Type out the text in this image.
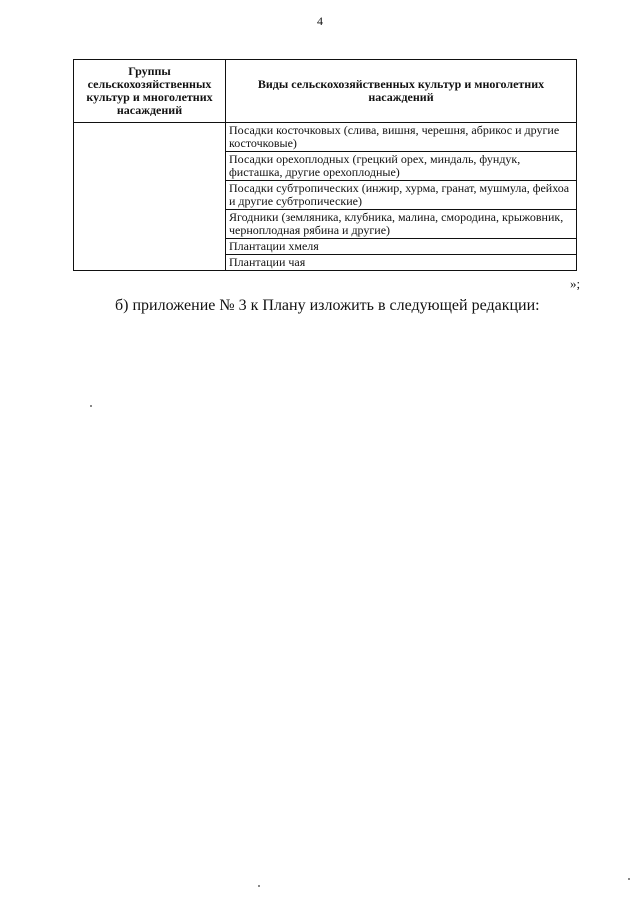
4
Группы сельскохозяйственных культур и многолетних насаждений	Виды сельскохозяйственных культур и многолетних насаждений
	Посадки косточковых (слива, вишня, черешня, абрикос и другие косточковые)
	Посадки орехоплодных (грецкий орех, миндаль, фундук, фисташка, другие орехоплодные)
	Посадки субтропических (инжир, хурма, гранат, мушмула, фейхоа и другие субтропические)
	Ягодники (земляника, клубника, малина, смородина, крыжовник, черноплодная рябина и другие)
	Плантации хмеля
	Плантации чая
»;
б) приложение № 3 к Плану изложить в следующей редакции:
